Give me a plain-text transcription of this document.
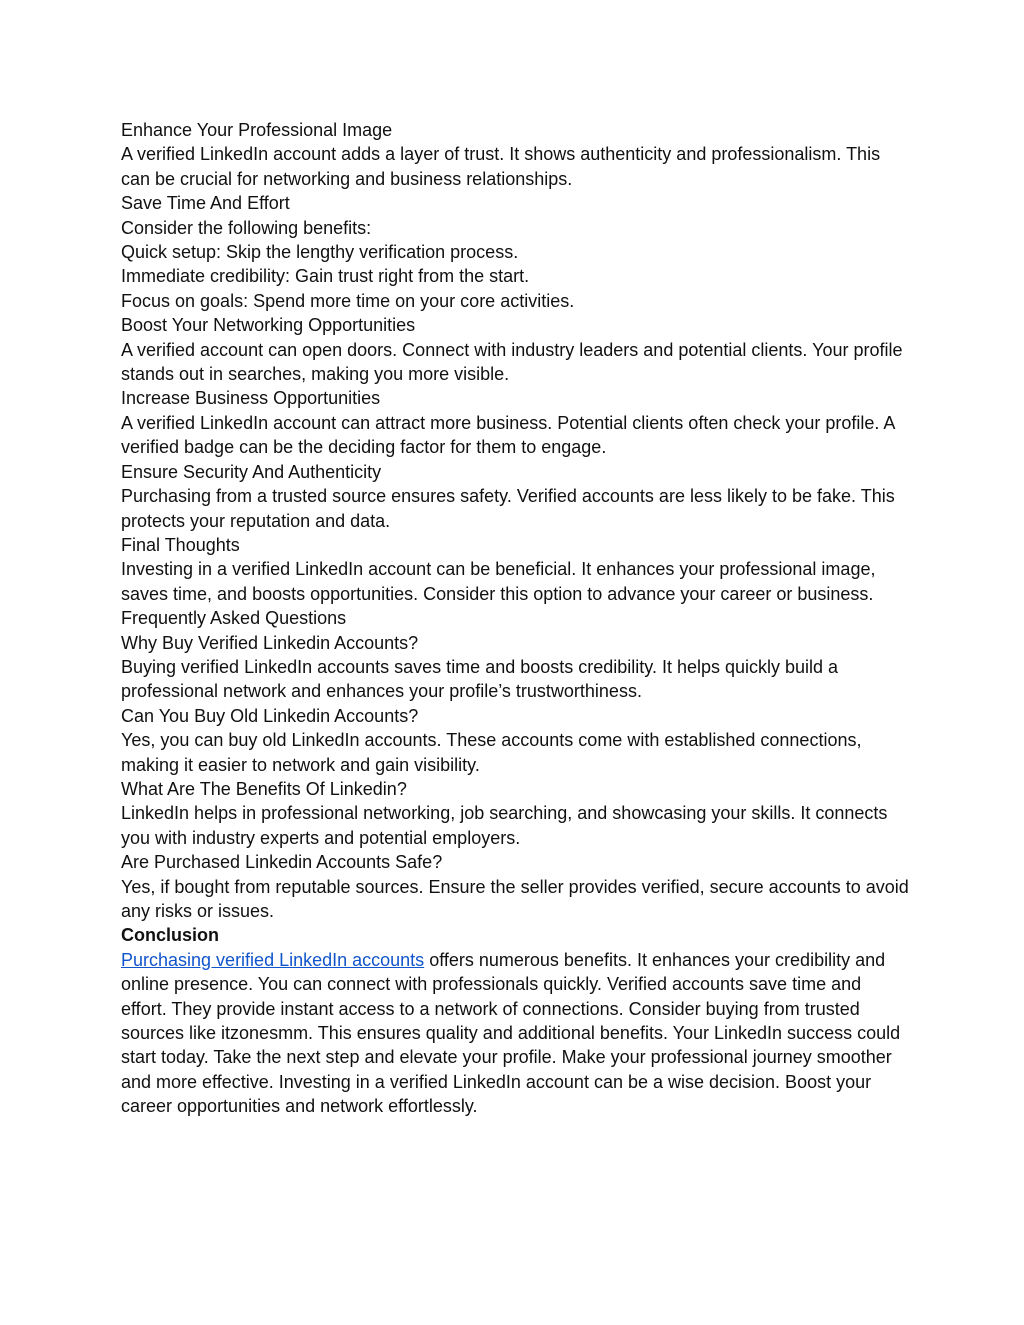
Enhance Your Professional Image

A verified LinkedIn account adds a layer of trust. It shows authenticity and professionalism. This can be crucial for networking and business relationships.

Save Time And Effort

Consider the following benefits:

Quick setup: Skip the lengthy verification process.

Immediate credibility: Gain trust right from the start.

Focus on goals: Spend more time on your core activities.

Boost Your Networking Opportunities

A verified account can open doors. Connect with industry leaders and potential clients. Your profile stands out in searches, making you more visible.

Increase Business Opportunities

A verified LinkedIn account can attract more business. Potential clients often check your profile. A verified badge can be the deciding factor for them to engage.

Ensure Security And Authenticity

Purchasing from a trusted source ensures safety. Verified accounts are less likely to be fake. This protects your reputation and data.

Final Thoughts

Investing in a verified LinkedIn account can be beneficial. It enhances your professional image, saves time, and boosts opportunities. Consider this option to advance your career or business.

Frequently Asked Questions

Why Buy Verified Linkedin Accounts?

Buying verified LinkedIn accounts saves time and boosts credibility. It helps quickly build a professional network and enhances your profile’s trustworthiness.

Can You Buy Old Linkedin Accounts?

Yes, you can buy old LinkedIn accounts. These accounts come with established connections, making it easier to network and gain visibility.

What Are The Benefits Of Linkedin?

LinkedIn helps in professional networking, job searching, and showcasing your skills. It connects you with industry experts and potential employers.

Are Purchased Linkedin Accounts Safe?

Yes, if bought from reputable sources. Ensure the seller provides verified, secure accounts to avoid any risks or issues.

Conclusion

Purchasing verified LinkedIn accounts offers numerous benefits. It enhances your credibility and online presence. You can connect with professionals quickly. Verified accounts save time and effort. They provide instant access to a network of connections. Consider buying from trusted sources like itzonesmm. This ensures quality and additional benefits. Your LinkedIn success could start today. Take the next step and elevate your profile. Make your professional journey smoother and more effective. Investing in a verified LinkedIn account can be a wise decision. Boost your career opportunities and network effortlessly.
